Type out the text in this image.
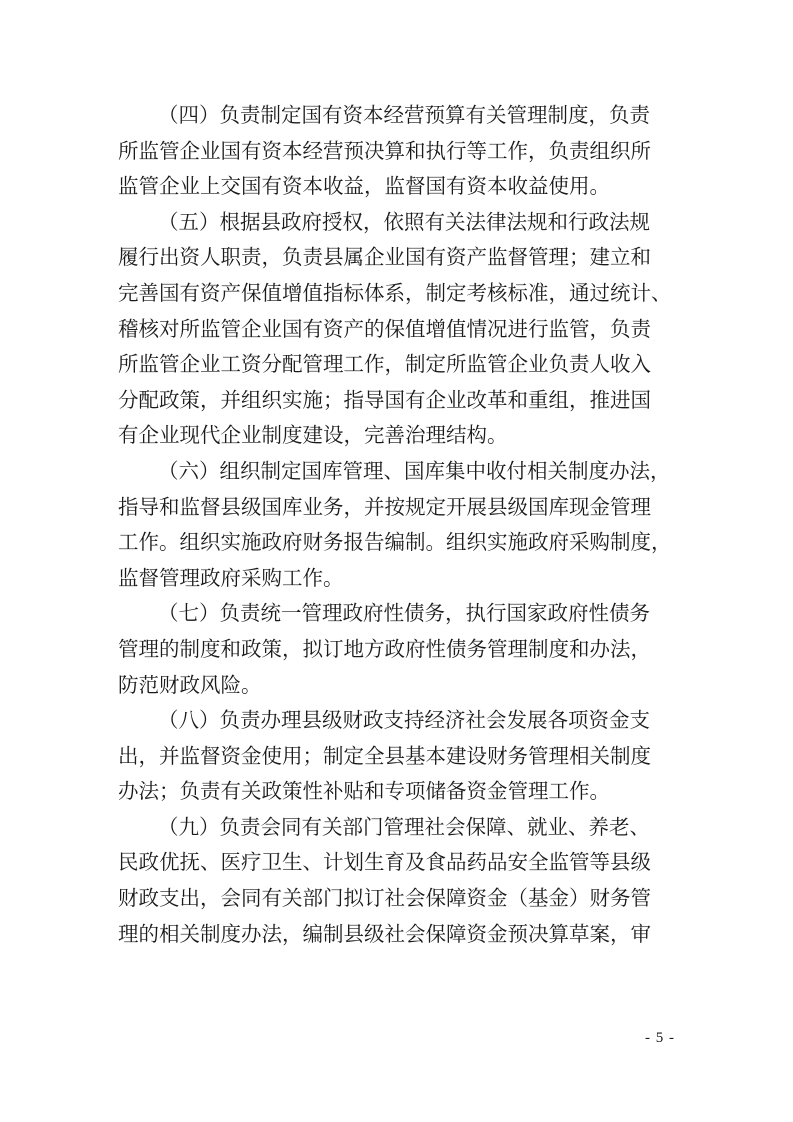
（四）负责制定国有资本经营预算有关管理制度，负责
所监管企业国有资本经营预决算和执行等工作，负责组织所
监管企业上交国有资本收益，监督国有资本收益使用。
（五）根据县政府授权，依照有关法律法规和行政法规
履行出资人职责，负责县属企业国有资产监督管理；建立和
完善国有资产保值增值指标体系，制定考核标准，通过统计、
稽核对所监管企业国有资产的保值增值情况进行监管，负责
所监管企业工资分配管理工作，制定所监管企业负责人收入
分配政策，并组织实施；指导国有企业改革和重组，推进国
有企业现代企业制度建设，完善治理结构。
（六）组织制定国库管理、国库集中收付相关制度办法，
指导和监督县级国库业务，并按规定开展县级国库现金管理
工作。组织实施政府财务报告编制。组织实施政府采购制度，
监督管理政府采购工作。
（七）负责统一管理政府性债务，执行国家政府性债务
管理的制度和政策，拟订地方政府性债务管理制度和办法，
防范财政风险。
（八）负责办理县级财政支持经济社会发展各项资金支
出，并监督资金使用；制定全县基本建设财务管理相关制度
办法；负责有关政策性补贴和专项储备资金管理工作。
（九）负责会同有关部门管理社会保障、就业、养老、
民政优抚、医疗卫生、计划生育及食品药品安全监管等县级
财政支出，会同有关部门拟订社会保障资金（基金）财务管
理的相关制度办法，编制县级社会保障资金预决算草案，审
- 5 -
